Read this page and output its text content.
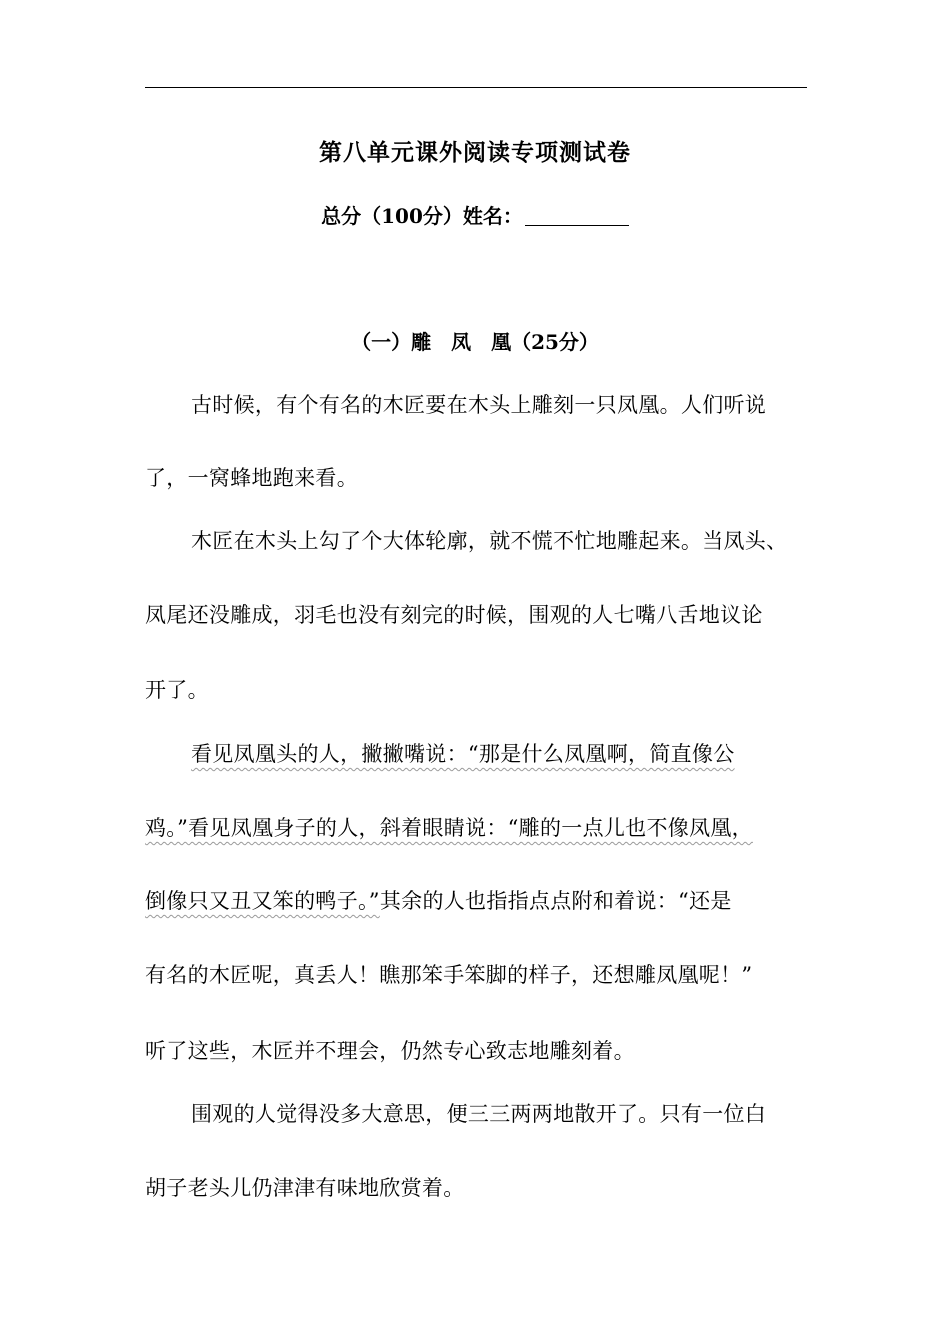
第八单元课外阅读专项测试卷
总分（100分）姓名：
（一）雕　凤　凰（25分）
古时候，有个有名的木匠要在木头上雕刻一只凤凰。人们听说
了，一窝蜂地跑来看。
木匠在木头上勾了个大体轮廓，就不慌不忙地雕起来。当凤头、
凤尾还没雕成，羽毛也没有刻完的时候，围观的人七嘴八舌地议论
开了。
看见凤凰头的人，撇撇嘴说：“那是什么凤凰啊，简直像公
鸡。”看见凤凰身子的人，斜着眼睛说：“雕的一点儿也不像凤凰，
倒像只又丑又笨的鸭子。”其余的人也指指点点附和着说：“还是
有名的木匠呢，真丢人！瞧那笨手笨脚的样子，还想雕凤凰呢！”
听了这些，木匠并不理会，仍然专心致志地雕刻着。
围观的人觉得没多大意思，便三三两两地散开了。只有一位白
胡子老头儿仍津津有味地欣赏着。
